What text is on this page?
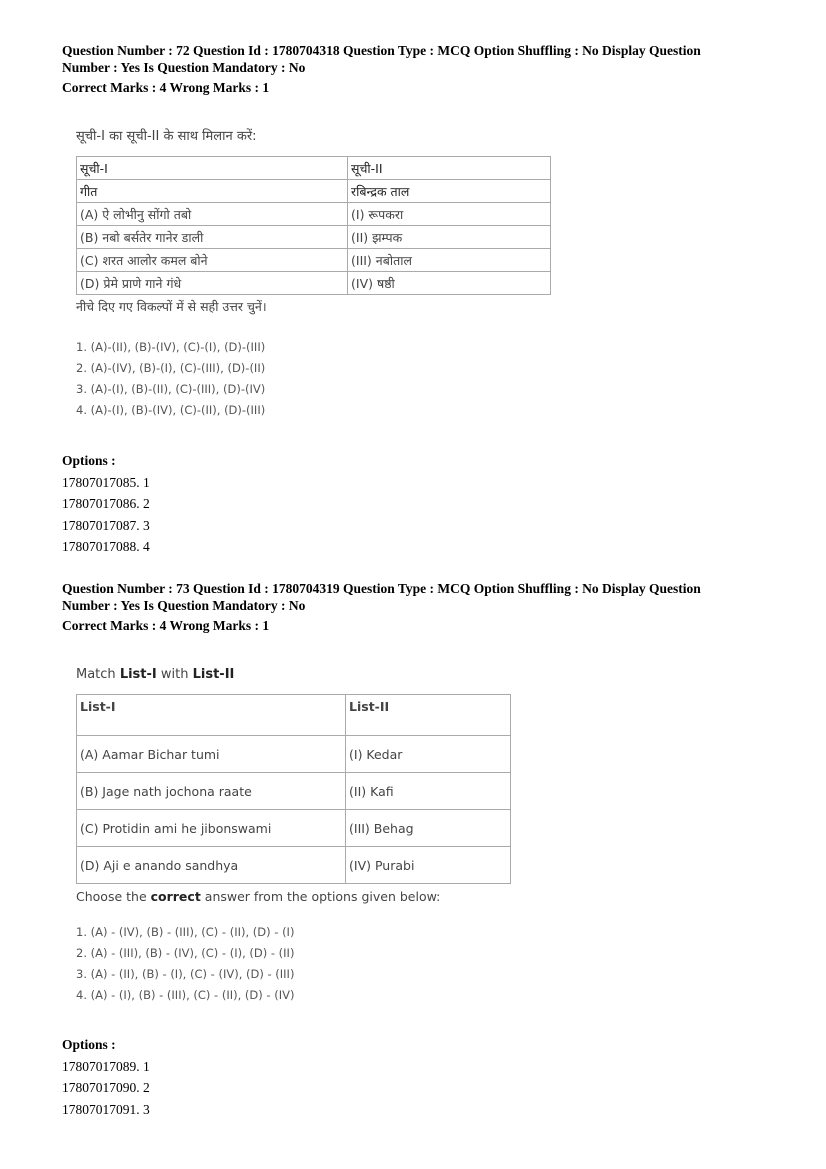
Question Number : 72 Question Id : 1780704318 Question Type : MCQ Option Shuffling : No Display Question

Number : Yes Is Question Mandatory : No

Correct Marks : 4 Wrong Marks : 1

सूची-I का सूची-II के साथ मिलान करें:
सूची-I	सूची-II
गीत	रबिन्द्रक ताल
(A) ऐ लोभीनु सोंगो तबो	(I) रूपकरा
(B) नबो बर्सतेर गानेर डाली	(II) झम्पक
(C) शरत आलोर कमल बोने	(III) नबोताल
(D) प्रेमे प्राणे गाने गंधे	(IV) षष्ठी
नीचे दिए गए विकल्पों में से सही उत्तर चुनें।
1. (A)-(II), (B)-(IV), (C)-(I), (D)-(III)
2. (A)-(IV), (B)-(I), (C)-(III), (D)-(II)
3. (A)-(I), (B)-(II), (C)-(III), (D)-(IV)
4. (A)-(I), (B)-(IV), (C)-(II), (D)-(III)
Options :
17807017085. 1
17807017086. 2
17807017087. 3
17807017088. 4

Question Number : 73 Question Id : 1780704319 Question Type : MCQ Option Shuffling : No Display Question

Number : Yes Is Question Mandatory : No

Correct Marks : 4 Wrong Marks : 1

Match List-I with List-II
List-I	List-II
(A) Aamar Bichar tumi	(I) Kedar
(B) Jage nath jochona raate	(II) Kafi
(C) Protidin ami he jibonswami	(III) Behag
(D) Aji e anando sandhya	(IV) Purabi
Choose the correct answer from the options given below:
1. (A) - (IV), (B) - (III), (C) - (II), (D) - (I)
2. (A) - (III), (B) - (IV), (C) - (I), (D) - (II)
3. (A) - (II), (B) - (I), (C) - (IV), (D) - (III)
4. (A) - (I), (B) - (III), (C) - (II), (D) - (IV)
Options :
17807017089. 1
17807017090. 2
17807017091. 3
